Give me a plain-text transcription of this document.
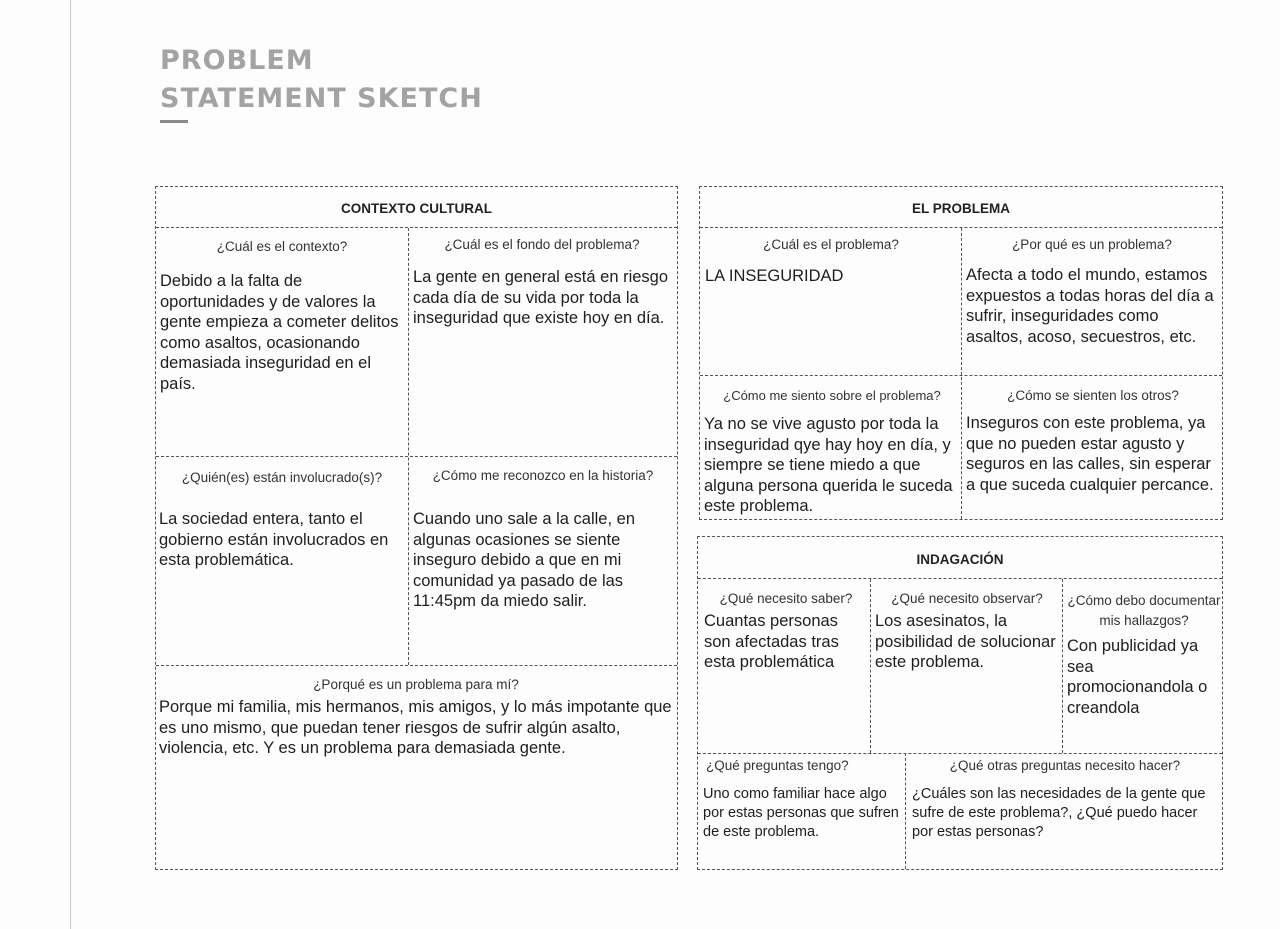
PROBLEM
STATEMENT SKETCH
CONTEXTO CULTURAL
¿Cuál es el contexto?
Debido a la falta de oportunidades y de valores la gente empieza a cometer delitos como asaltos, ocasionando demasiada inseguridad en el país.
¿Cuál es el fondo del problema?
La gente en general está en riesgo cada día de su vida por toda la inseguridad que existe hoy en día.
¿Quién(es) están involucrado(s)?
La sociedad entera, tanto el gobierno están involucrados en esta problemática.
¿Cómo me reconozco en la historia?
Cuando uno sale a la calle, en algunas ocasiones se siente inseguro debido a que en mi comunidad ya pasado de las 11:45pm da miedo salir.
¿Porqué es un problema para mí?
Porque mi familia, mis hermanos, mis amigos, y lo más impotante que es uno mismo, que puedan tener riesgos de sufrir algún asalto, violencia, etc. Y es un problema para demasiada gente.
EL PROBLEMA
¿Cuál es el problema?
LA INSEGURIDAD
¿Por qué es un problema?
Afecta a todo el mundo, estamos expuestos a todas horas del día a sufrir, inseguridades como asaltos, acoso, secuestros, etc.
¿Cómo me siento sobre el problema?
Ya no se vive agusto por toda la inseguridad qye hay hoy en día, y siempre se tiene miedo a que alguna persona querida le suceda este problema.
¿Cómo se sienten los otros?
Inseguros con este problema, ya que no pueden estar agusto y seguros en las calles, sin esperar a que suceda cualquier percance.
INDAGACIÓN
¿Qué necesito saber?
Cuantas personas son afectadas tras esta problemática
¿Qué necesito observar?
Los asesinatos, la posibilidad de solucionar este problema.
¿Cómo debo documentar mis hallazgos?
Con publicidad ya sea promocionandola o creandola
¿Qué preguntas tengo?
Uno como familiar hace algo por estas personas que sufren de este problema.
¿Qué otras preguntas necesito hacer?
¿Cuáles son las necesidades de la gente que sufre de este problema?, ¿Qué puedo hacer por estas personas?
